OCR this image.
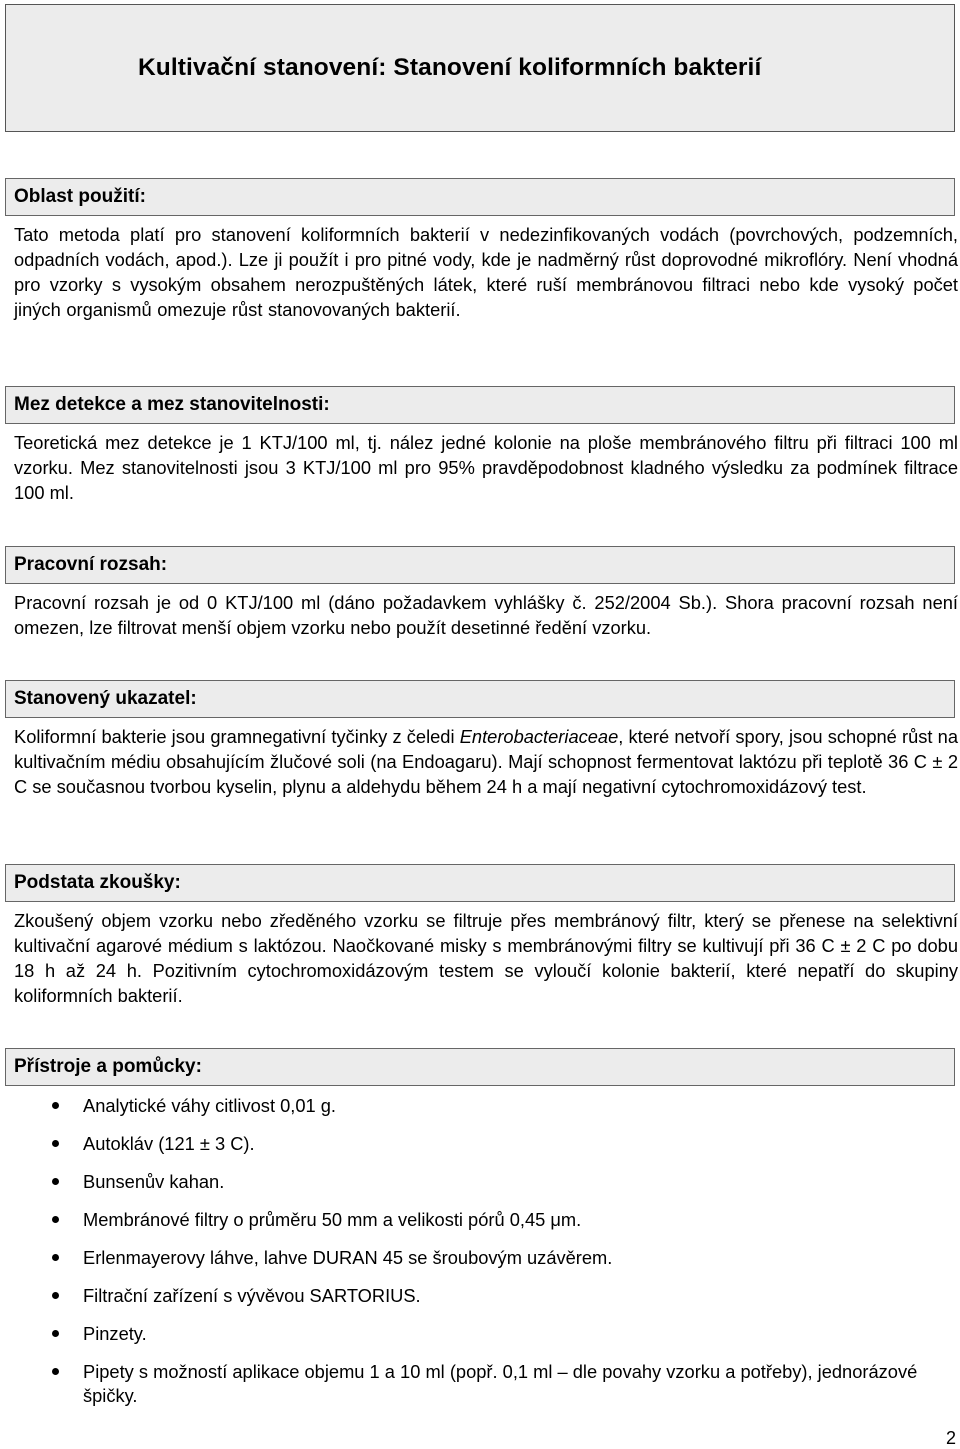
Kultivační stanovení: Stanovení koliformních bakterií
Oblast použití:

Tato metoda platí pro stanovení koliformních bakterií v nedezinfikovaných vodách (povrchových, podzemních, odpadních vodách, apod.). Lze ji použít i pro pitné vody, kde je nadměrný růst doprovodné mikroflóry. Není vhodná pro vzorky s vysokým obsahem nerozpuštěných látek, které ruší membránovou filtraci nebo kde vysoký počet jiných organismů omezuje růst stanovovaných bakterií.

Mez detekce a mez stanovitelnosti:

Teoretická mez detekce je 1 KTJ/100 ml, tj. nález jedné kolonie na ploše membránového filtru při filtraci 100 ml vzorku. Mez stanovitelnosti jsou 3 KTJ/100 ml pro 95% pravděpodobnost kladného výsledku za podmínek filtrace 100 ml.

Pracovní rozsah:

Pracovní rozsah je od 0 KTJ/100 ml (dáno požadavkem vyhlášky č. 252/2004 Sb.). Shora pracovní rozsah není omezen, lze filtrovat menší objem vzorku nebo použít desetinné ředění vzorku.

Stanovený ukazatel:

Koliformní bakterie jsou gramnegativní tyčinky z čeledi Enterobacteriaceae, které netvoří spory, jsou schopné růst na kultivačním médiu obsahujícím žlučové soli (na Endoagaru). Mají schopnost fermentovat laktózu při teplotě 36 C ± 2 C se současnou tvorbou kyselin, plynu a aldehydu během 24 h a mají negativní cytochromoxidázový test.

Podstata zkoušky:

Zkoušený objem vzorku nebo zředěného vzorku se filtruje přes membránový filtr, který se přenese na selektivní kultivační agarové médium s laktózou. Naočkované misky s membránovými filtry se kultivují při 36 C ± 2 C po dobu 18 h až 24 h. Pozitivním cytochromoxidázovým testem se vyloučí kolonie bakterií, které nepatří do skupiny koliformních bakterií.

Přístroje a pomůcky:
Analytické váhy citlivost 0,01 g.
Autokláv (121 ± 3 C).
Bunsenův kahan.
Membránové filtry o průměru 50 mm a velikosti pórů 0,45 μm.
Erlenmayerovy láhve, lahve DURAN 45 se šroubovým uzávěrem.
Filtrační zařízení s vývěvou SARTORIUS.
Pinzety.
Pipety s možností aplikace objemu 1 a 10 ml (popř. 0,1 ml – dle povahy vzorku a potřeby), jednorázové špičky.
2
